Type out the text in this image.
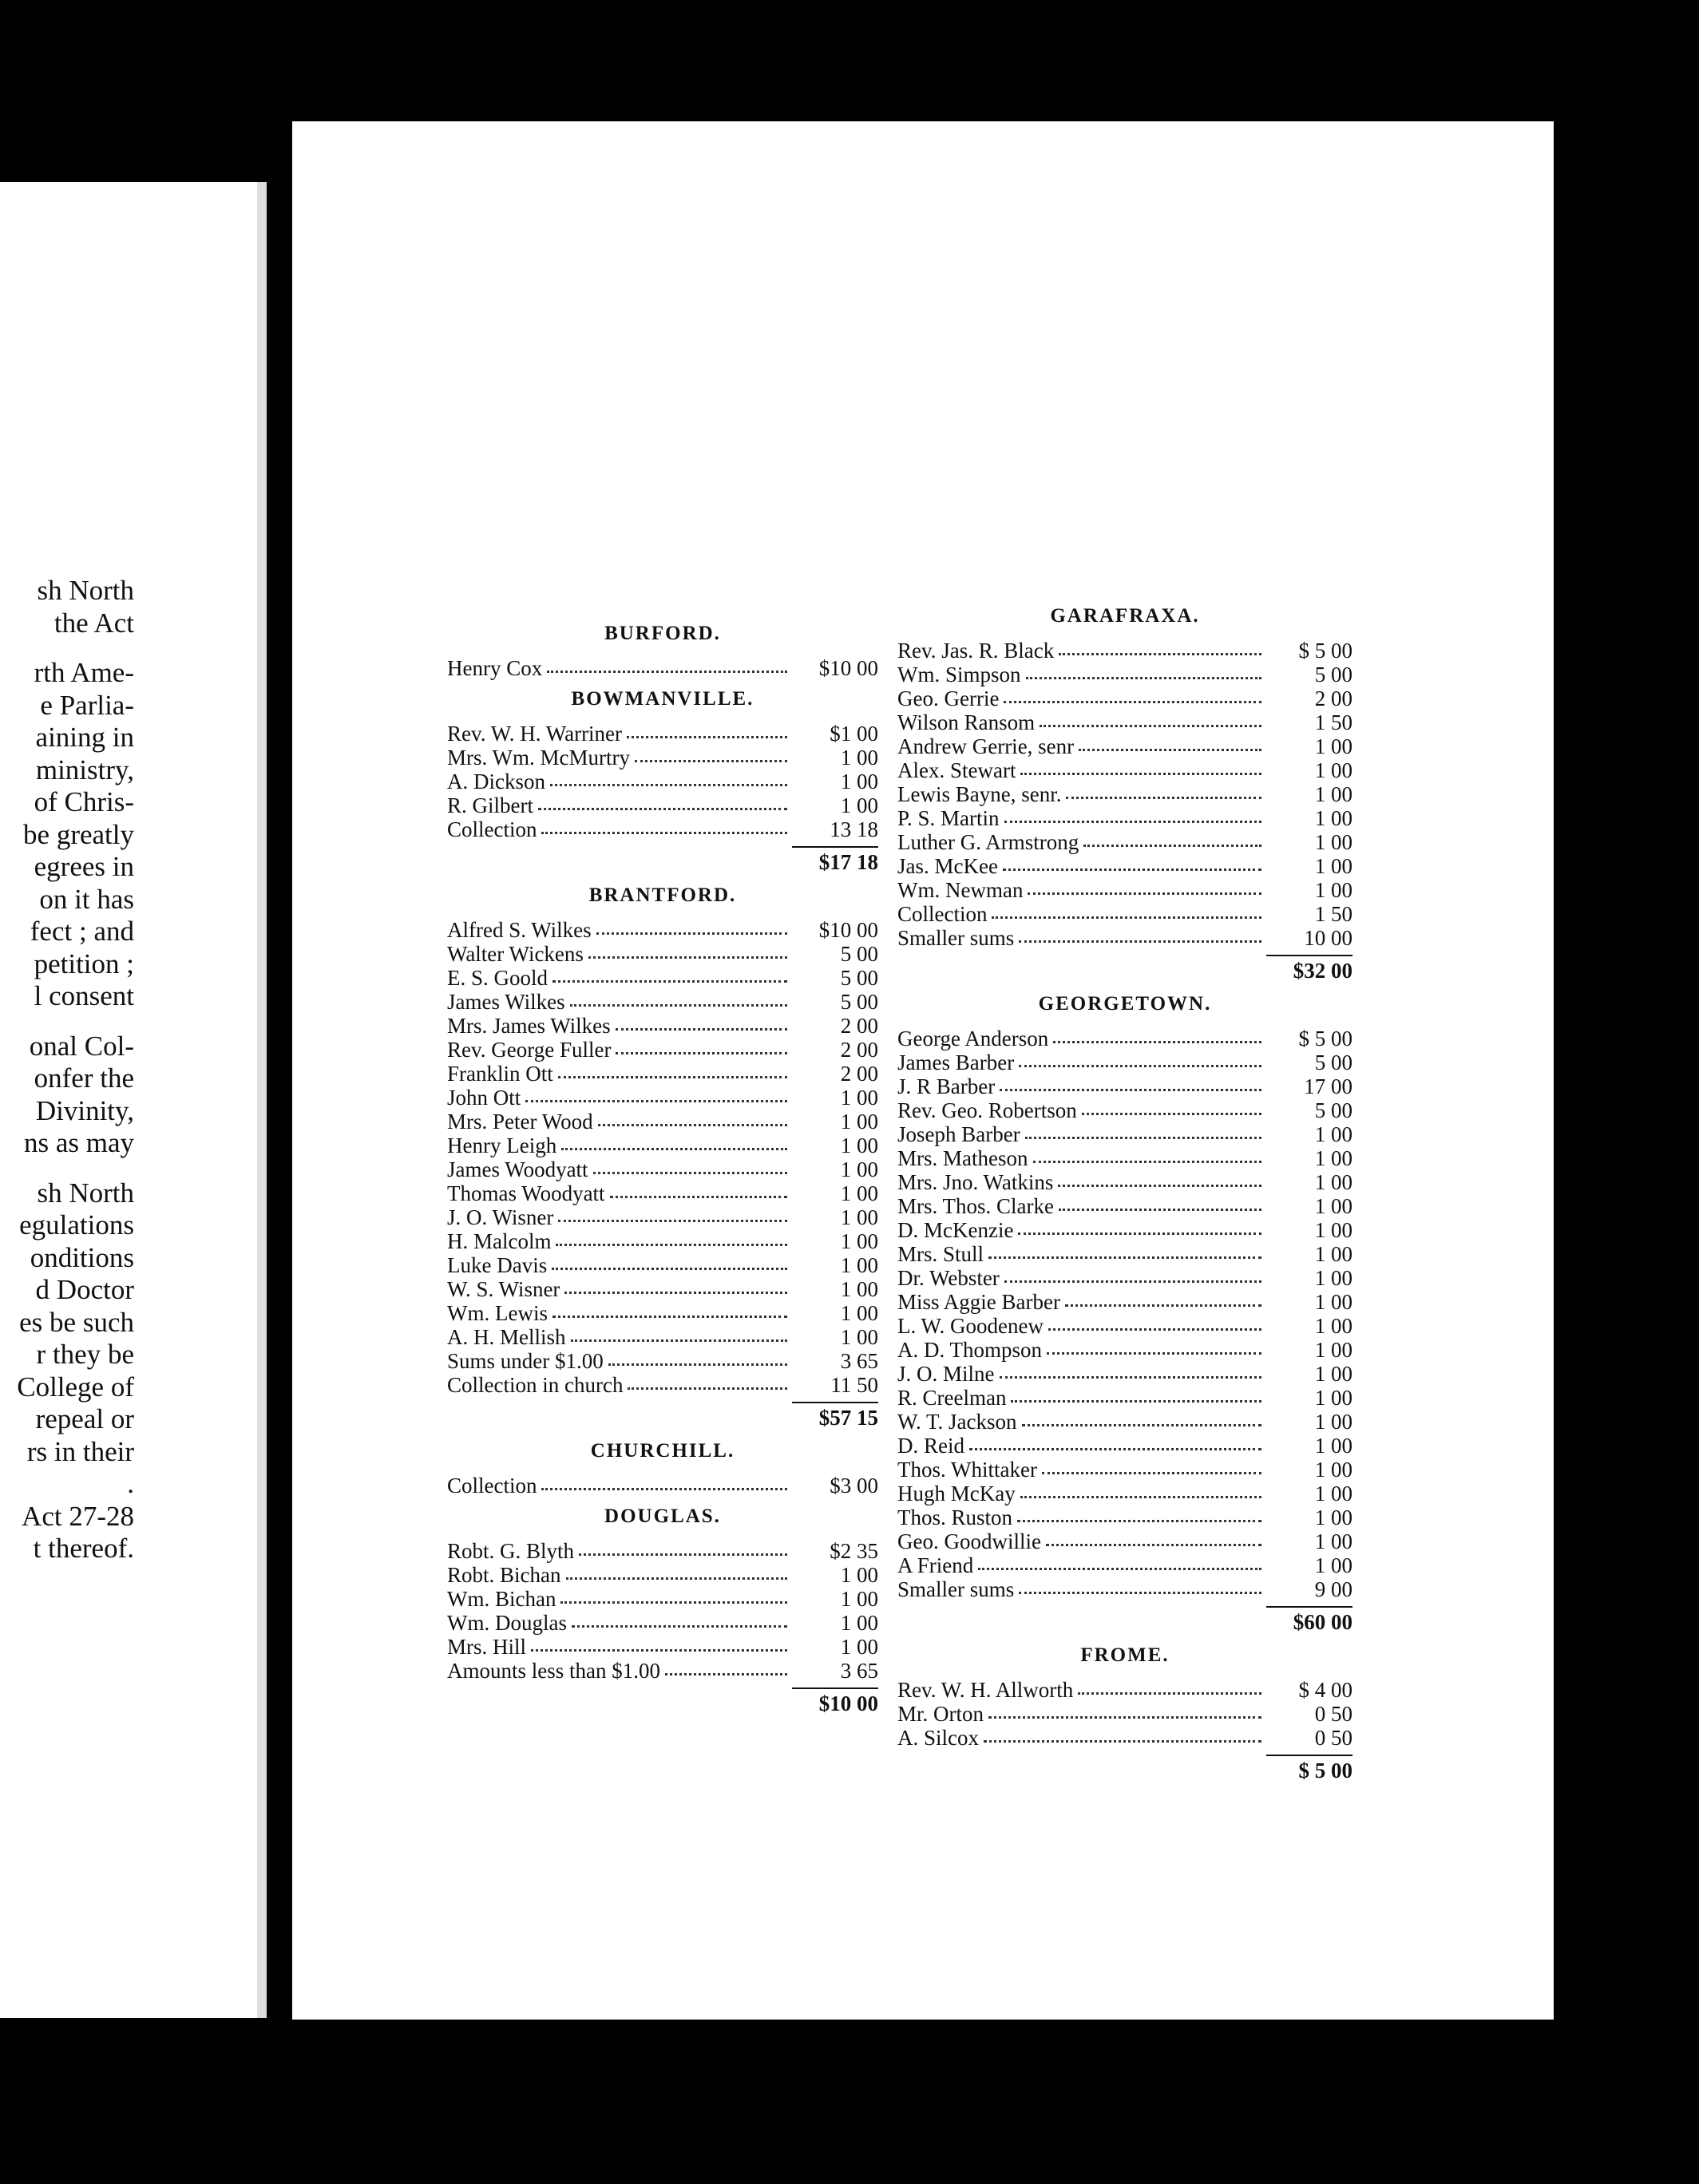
sh North
the Act
rth Ame-
e Parlia-
aining in
ministry,
of Chris-
be greatly
egrees in
on it has
fect ; and
petition ;
l consent
onal Col-
onfer the
Divinity,
ns as may
sh North
egulations
onditions
d Doctor
es be such
r they be
College of
repeal or
rs in their
.
Act 27-28
t thereof.
BURFORD.
Henry Cox	$10 00
BOWMANVILLE.
Rev. W. H. Warriner	$1 00
Mrs. Wm. McMurtry	1 00
A. Dickson	1 00
R. Gilbert	1 00
Collection	13 18
$17 18
BRANTFORD.
Alfred S. Wilkes	$10 00
Walter Wickens	5 00
E. S. Goold	5 00
James Wilkes	5 00
Mrs. James Wilkes	2 00
Rev. George Fuller	2 00
Franklin Ott	2 00
John Ott	1 00
Mrs. Peter Wood	1 00
Henry Leigh	1 00
James Woodyatt	1 00
Thomas Woodyatt	1 00
J. O. Wisner	1 00
H. Malcolm	1 00
Luke Davis	1 00
W. S. Wisner	1 00
Wm. Lewis	1 00
A. H. Mellish	1 00
Sums under $1.00	3 65
Collection in church	11 50
$57 15
CHURCHILL.
Collection	$3 00
DOUGLAS.
Robt. G. Blyth	$2 35
Robt. Bichan	1 00
Wm. Bichan	1 00
Wm. Douglas	1 00
Mrs. Hill	1 00
Amounts less than $1.00	3 65
$10 00
GARAFRAXA.
Rev. Jas. R. Black	$ 5 00
Wm. Simpson	5 00
Geo. Gerrie	2 00
Wilson Ransom	1 50
Andrew Gerrie, senr	1 00
Alex. Stewart	1 00
Lewis Bayne, senr.	1 00
P. S. Martin	1 00
Luther G. Armstrong	1 00
Jas. McKee	1 00
Wm. Newman	1 00
Collection	1 50
Smaller sums	10 00
$32 00
GEORGETOWN.
George Anderson	$ 5 00
James Barber	5 00
J. R Barber	17 00
Rev. Geo. Robertson	5 00
Joseph Barber	1 00
Mrs. Matheson	1 00
Mrs. Jno. Watkins	1 00
Mrs. Thos. Clarke	1 00
D. McKenzie	1 00
Mrs. Stull	1 00
Dr. Webster	1 00
Miss Aggie Barber	1 00
L. W. Goodenew	1 00
A. D. Thompson	1 00
J. O. Milne	1 00
R. Creelman	1 00
W. T. Jackson	1 00
D. Reid	1 00
Thos. Whittaker	1 00
Hugh McKay	1 00
Thos. Ruston	1 00
Geo. Goodwillie	1 00
A Friend	1 00
Smaller sums	9 00
$60 00
FROME.
Rev. W. H. Allworth	$ 4 00
Mr. Orton	0 50
A. Silcox	0 50
$ 5 00
